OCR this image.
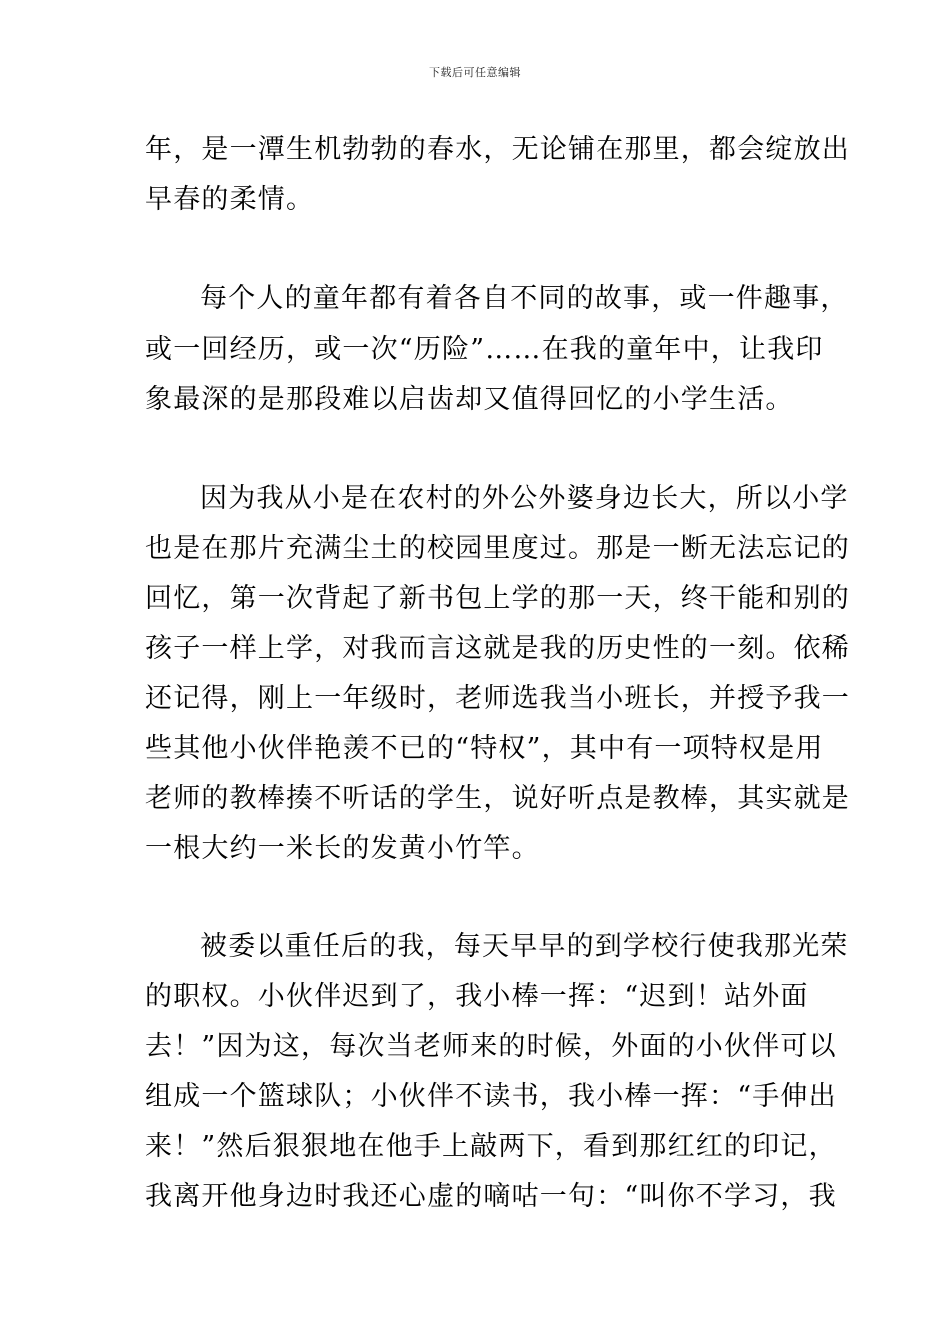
下载后可任意编辑
年，是一潭生机勃勃的春水，无论铺在那里，都会绽放出
早春的柔情。
每个人的童年都有着各自不同的故事，或一件趣事，
或一回经历，或一次“历险”……在我的童年中，让我印
象最深的是那段难以启齿却又值得回忆的小学生活。
因为我从小是在农村的外公外婆身边长大，所以小学
也是在那片充满尘土的校园里度过。那是一断无法忘记的
回忆，第一次背起了新书包上学的那一天，终干能和别的
孩子一样上学，对我而言这就是我的历史性的一刻。依稀
还记得，刚上一年级时，老师选我当小班长，并授予我一
些其他小伙伴艳羡不已的“特权”，其中有一项特权是用
老师的教棒揍不听话的学生，说好听点是教棒，其实就是
一根大约一米长的发黄小竹竿。
被委以重任后的我，每天早早的到学校行使我那光荣
的职权。小伙伴迟到了，我小棒一挥：“迟到！站外面
去！”因为这，每次当老师来的时候，外面的小伙伴可以
组成一个篮球队；小伙伴不读书，我小棒一挥：“手伸出
来！”然后狠狠地在他手上敲两下，看到那红红的印记，
我离开他身边时我还心虚的嘀咕一句：“叫你不学习，我
